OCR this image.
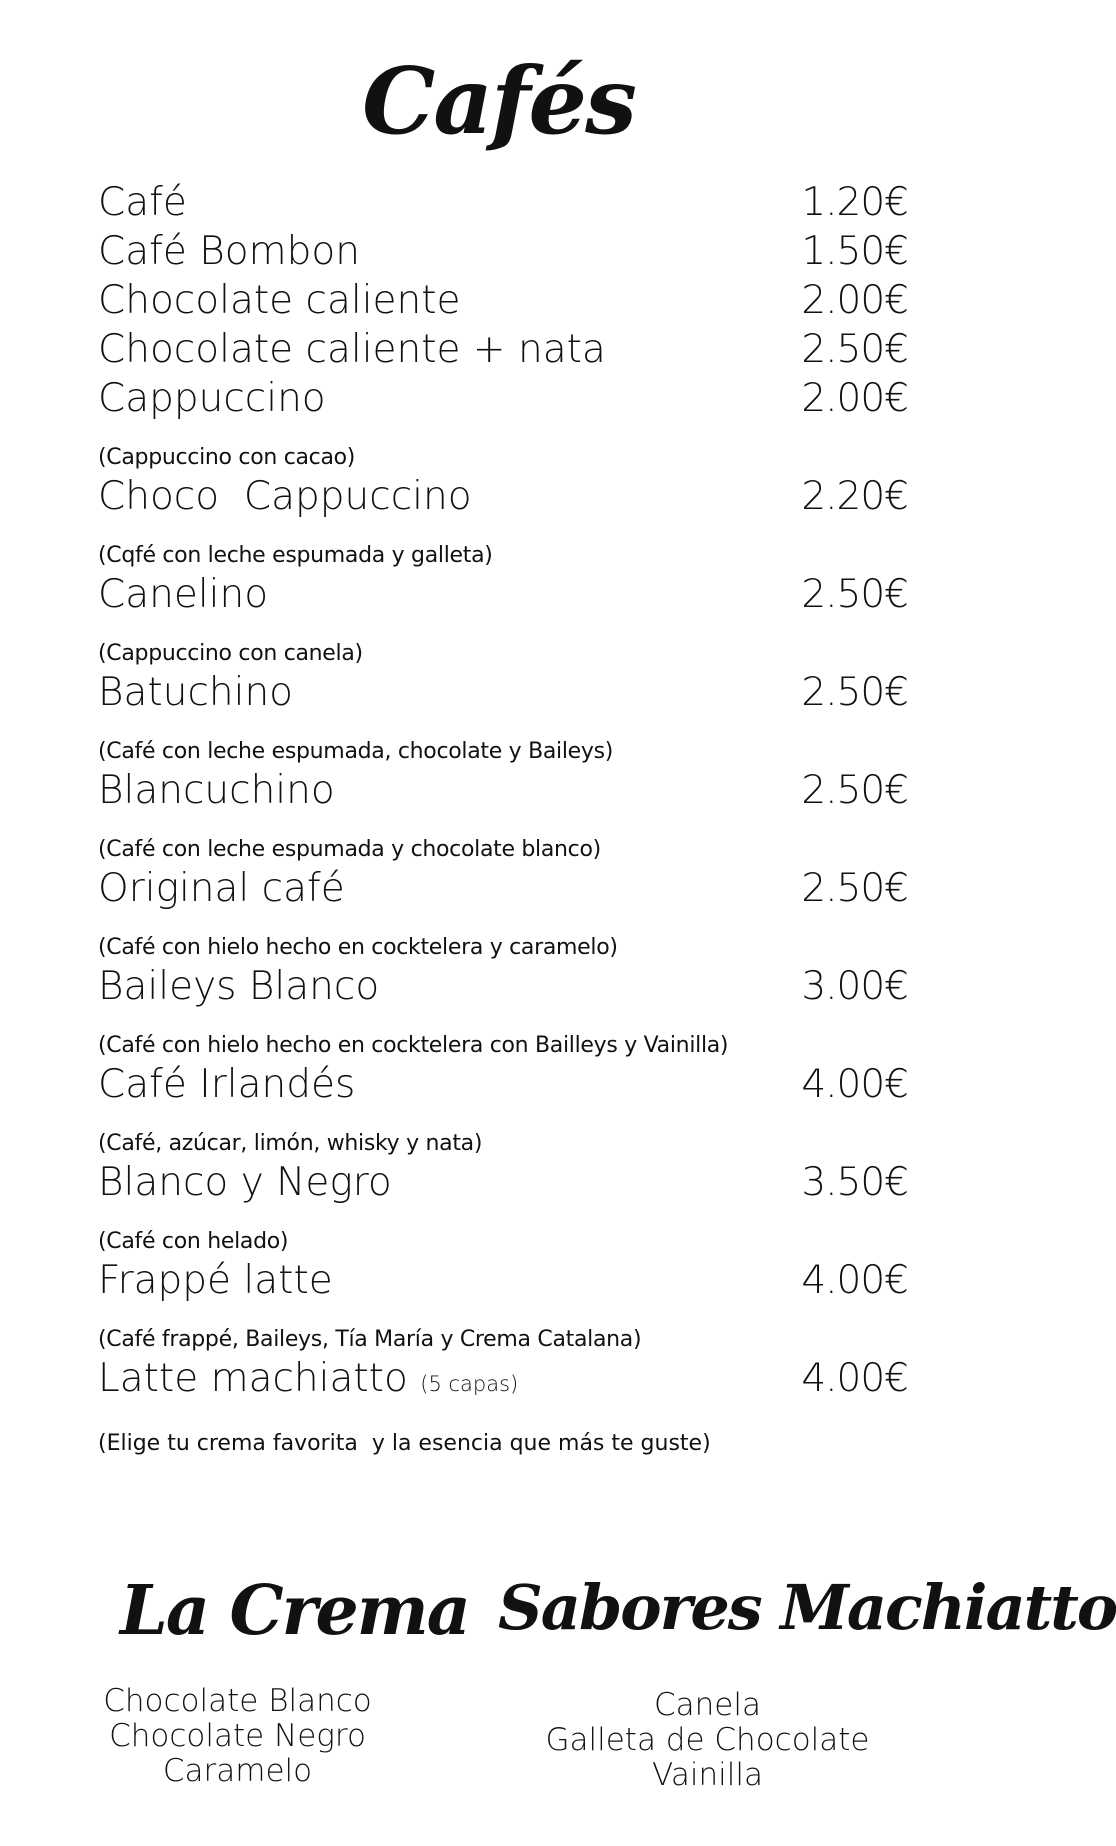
Cafés
Café	1.20€
Café Bombon	1.50€
Chocolate caliente	2.00€
Chocolate caliente + nata	2.50€
Cappuccino	2.00€
(Cappuccino con cacao)
Choco  Cappuccino	2.20€
(Cqfé con leche espumada y galleta)
Canelino	2.50€
(Cappuccino con canela)
Batuchino	2.50€
(Café con leche espumada, chocolate y Baileys)
Blancuchino	2.50€
(Café con leche espumada y chocolate blanco)
Original café	2.50€
(Café con hielo hecho en cocktelera y caramelo)
Baileys Blanco	3.00€
(Café con hielo hecho en cocktelera con Bailleys y Vainilla)
Café Irlandés	4.00€
(Café, azúcar, limón, whisky y nata)
Blanco y Negro	3.50€
(Café con helado)
Frappé latte	4.00€
(Café frappé, Baileys, Tía María y Crema Catalana)
Latte machiatto (5 capas)	4.00€
(Elige tu crema favorita  y la esencia que más te guste)
La Crema
Chocolate Blanco
Chocolate Negro
Caramelo
Sabores Machiatto
Canela
Galleta de Chocolate
Vainilla
